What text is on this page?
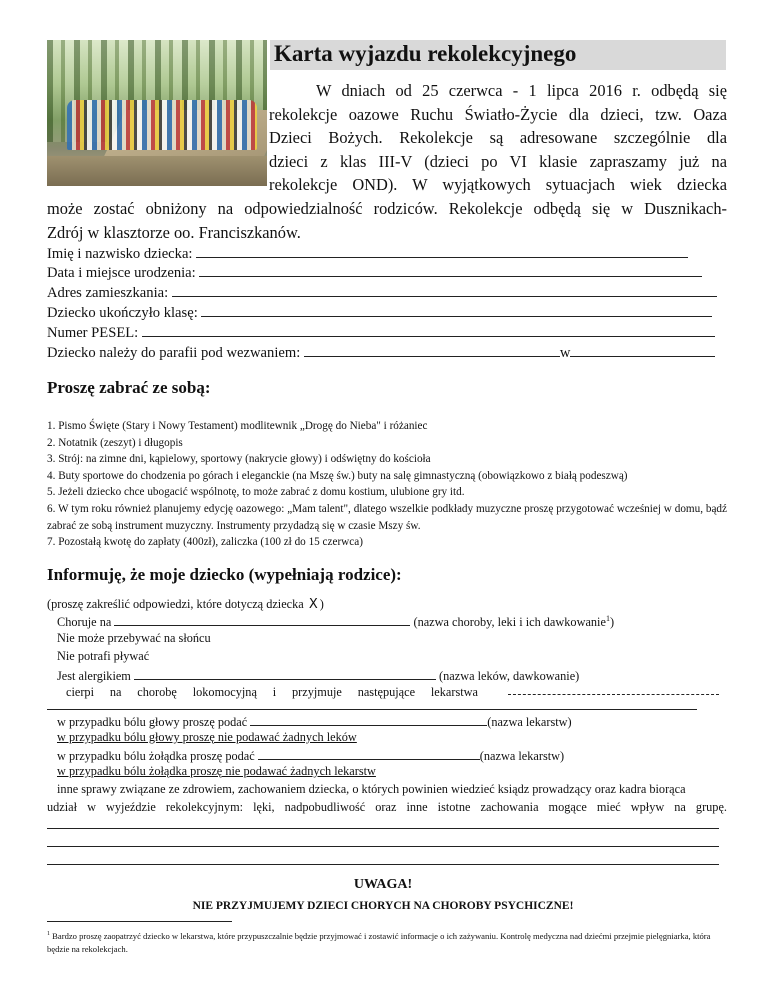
Karta wyjazdu rekolekcyjnego
W dniach od 25 czerwca - 1 lipca 2016 r. odbędą się
rekolekcje oazowe Ruchu Światło-Życie dla dzieci, tzw. Oaza
Dzieci Bożych. Rekolekcje są adresowane szczególnie dla
dzieci z klas III-V (dzieci po VI klasie zapraszamy już na
rekolekcje OND). W wyjątkowych sytuacjach wiek dziecka
może zostać obniżony na odpowiedzialność rodziców. Rekolekcje odbędą się w Dusznikach-
Zdrój w klasztorze oo. Franciszkanów.
Imię i nazwisko dziecka:
Data i miejsce urodzenia:
Adres zamieszkania:
Dziecko ukończyło klasę:
Numer PESEL:
Dziecko należy do parafii pod wezwaniem:	w
Proszę zabrać ze sobą:
1. Pismo Święte (Stary i Nowy Testament) modlitewnik „Drogę do Nieba" i różaniec
2. Notatnik (zeszyt) i długopis
3. Strój: na zimne dni, kąpielowy, sportowy (nakrycie głowy) i odświętny do kościoła
4. Buty sportowe do chodzenia po górach i eleganckie (na Mszę św.) buty na salę gimnastyczną (obowiązkowo z białą podeszwą)
5. Jeżeli dziecko chce ubogacić wspólnotę, to może zabrać z domu kostium, ulubione gry itd.
6. W tym roku również planujemy edycję oazowego: „Mam talent", dlatego wszelkie podkłady muzyczne proszę przygotować wcześniej w domu, bądź zabrać ze sobą instrument muzyczny. Instrumenty przydadzą się w czasie Mszy św.
7. Pozostałą kwotę do zapłaty (400zł), zaliczka (100 zł do 15 czerwca)
Informuję, że moje dziecko (wypełniają rodzice):
(proszę zakreślić odpowiedzi, które dotyczą dziecka X )
Choruje na	(nazwa choroby, leki i ich dawkowanie$^1$)
Nie może przebywać na słońcu
Nie potrafi pływać
Jest alergikiem	(nazwa leków, dawkowanie)
cierpi na chorobę lokomocyjną i przyjmuje następujące lekarstwa
w przypadku bólu głowy proszę podać	(nazwa lekarstw)
w przypadku bólu głowy proszę nie podawać żadnych leków
w przypadku bólu żołądka proszę podać	(nazwa lekarstw)
w przypadku bólu żołądka proszę nie podawać żadnych lekarstw
inne sprawy związane ze zdrowiem, zachowaniem dziecka, o których powinien wiedzieć ksiądz prowadzący oraz kadra biorąca
udział w wyjeździe rekolekcyjnym: lęki, nadpobudliwość oraz inne istotne zachowania mogące mieć wpływ na grupę.
UWAGA!
NIE PRZYJMUJEMY DZIECI CHORYCH NA CHOROBY PSYCHICZNE!
$^1$ Bardzo proszę zaopatrzyć dziecko w lekarstwa, które przypuszczalnie będzie przyjmować i zostawić informacje o ich zażywaniu. Kontrolę medyczna nad dziećmi przejmie pielęgniarka, która będzie na rekolekcjach.
